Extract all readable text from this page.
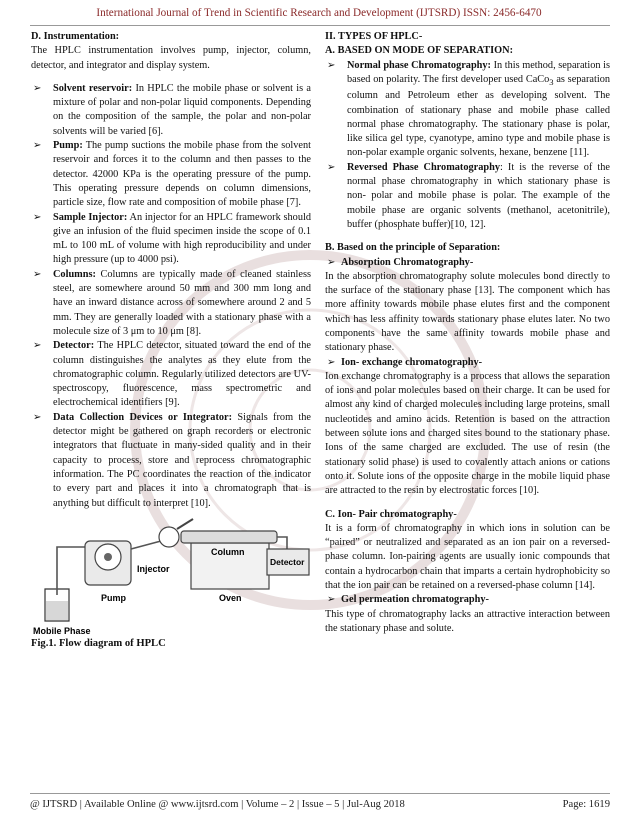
International Journal of Trend in Scientific Research and Development (IJTSRD) ISSN: 2456-6470

D. Instrumentation:

The HPLC instrumentation involves pump, injector, column, detector, and integrator and display system.

➢ Solvent reservoir: In HPLC the mobile phase or solvent is a mixture of polar and non-polar liquid components. Depending on the composition of the sample, the polar and non-polar solvents will be varied [6].

➢ Pump: The pump suctions the mobile phase from the solvent reservoir and forces it to the column and then passes to the detector. 42000 KPa is the operating pressure of the pump. This operating pressure depends on column dimensions, particle size, flow rate and composition of mobile phase [7].

➢ Sample Injector: An injector for an HPLC framework should give an infusion of the fluid specimen inside the scope of 0.1 mL to 100 mL of volume with high reproducibility and under high pressure (up to 4000 psi).

➢ Columns: Columns are typically made of cleaned stainless steel, are somewhere around 50 mm and 300 mm long and have an inward distance across of somewhere around 2 and 5 mm. They are generally loaded with a stationary phase with a molecule size of 3 μm to 10 μm [8].

➢ Detector: The HPLC detector, situated toward the end of the column distinguishes the analytes as they elute from the chromatographic column. Regularly utilized detectors are UV-spectroscopy, fluorescence, mass spectrometric and electrochemical identifiers [9].

➢ Data Collection Devices or Integrator: Signals from the detector might be gathered on graph recorders or electronic integrators that fluctuate in many-sided quality and in their capacity to process, store and reprocess chromatographic information. The PC coordinates the reaction of the indicator to every part and places it into a chromatograph that is anything but difficult to interpret [10].

Column
Detector
Injector
Pump	Oven
Mobile Phase

Fig.1. Flow diagram of HPLC

II. TYPES OF HPLC-

A. BASED ON MODE OF SEPARATION:

➢ Normal phase Chromatography: In this method, separation is based on polarity. The first developer used CaCo$_3$ as separation column and Petroleum ether as developing solvent. The combination of stationary phase and mobile phase called normal phase chromatography. The stationary phase is polar, like silica gel type, cyanotype, amino type and mobile phase is non-polar example organic solvents, hexane, benzene [11].

➢ Reversed Phase Chromatography: It is the reverse of the normal phase chromatography in which stationary phase is non- polar and mobile phase is polar. The example of the mobile phase are organic solvents (methanol, acetonitrile), buffer (phosphate buffer)[10, 12].

B. Based on the principle of Separation:

➢ Absorption Chromatography-

In the absorption chromatography solute molecules bond directly to the surface of the stationary phase [13]. The component which has more affinity towards mobile phase elutes first and the component which has less affinity towards stationary phase elutes later. No two components have the same affinity towards mobile phase and stationary phase.

➢ Ion- exchange chromatography-

Ion exchange chromatography is a process that allows the separation of ions and polar molecules based on their charge. It can be used for almost any kind of charged molecules including large proteins, small nucleotides and amino acids. Retention is based on the attraction between solute ions and charged sites bound to the stationary phase. Ions of the same charged are excluded. The use of resin (the stationary solid phase) is used to covalently attach anions or cations onto it. Solute ions of the opposite charge in the mobile liquid phase are attracted to the resin by electrostatic forces [10].

C. Ion- Pair chromatography-

It is a form of chromatography in which ions in solution can be “paired” or neutralized and separated as an ion pair on a reversed- phase column. Ion-pairing agents are usually ionic compounds that contain a hydrocarbon chain that imparts a certain hydrophobicity so that the ion pair can be retained on a reversed-phase column [14].

➢ Gel permeation chromatography-

This type of chromatography lacks an attractive interaction between the stationary phase and solute.

@ IJTSRD | Available Online @ www.ijtsrd.com | Volume – 2 | Issue – 5 | Jul-Aug 2018	Page: 1619
